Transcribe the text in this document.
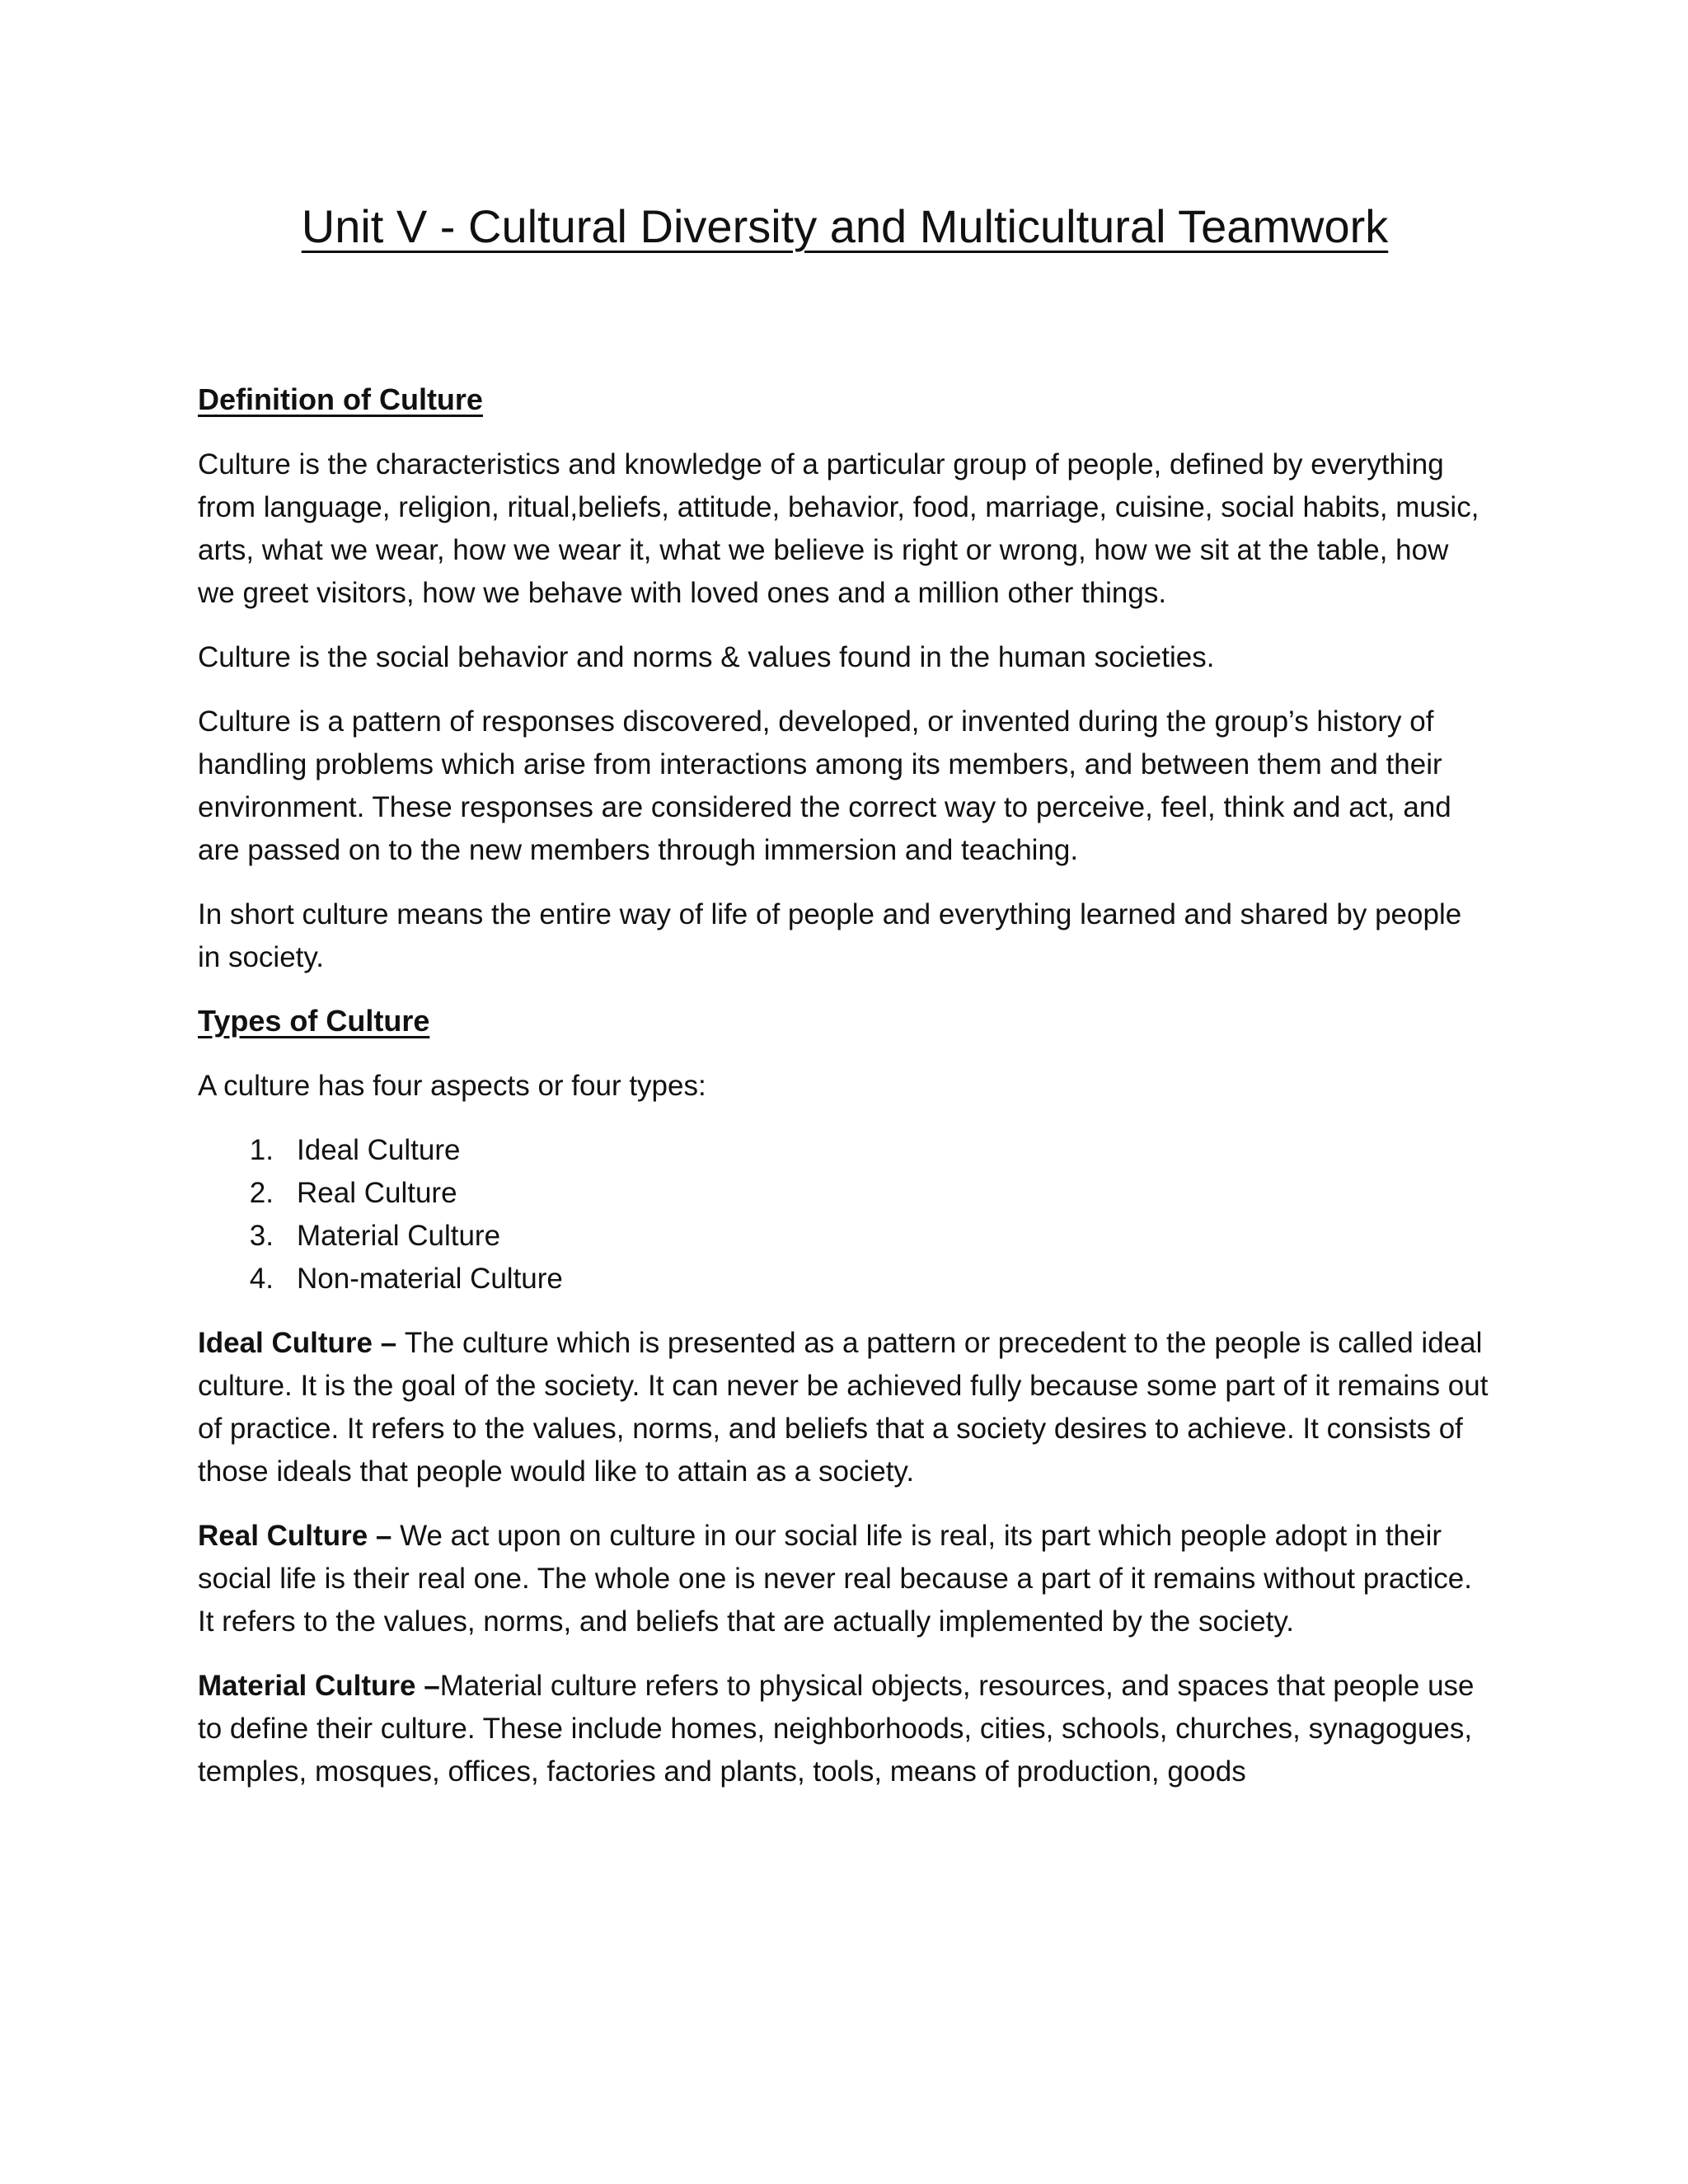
Unit V - Cultural Diversity and Multicultural Teamwork
Definition of Culture

Culture is the characteristics and knowledge of a particular group of people, defined by everything from language, religion, ritual,beliefs, attitude, behavior, food, marriage, cuisine, social habits, music, arts, what we wear, how we wear it, what we believe is right or wrong, how we sit at the table, how we greet visitors, how we behave with loved ones and a million other things.

Culture is the social behavior and norms & values found in the human societies.

Culture is a pattern of responses discovered, developed, or invented during the group’s history of handling problems which arise from interactions among its members, and between them and their environment. These responses are considered the correct way to perceive, feel, think and act, and are passed on to the new members through immersion and teaching.

In short culture means the entire way of life of people and everything learned and shared by people in society.

Types of Culture

A culture has four aspects or four types:

1. Ideal Culture
2. Real Culture
3. Material Culture
4. Non-material Culture

Ideal Culture – The culture which is presented as a pattern or precedent to the people is called ideal culture. It is the goal of the society. It can never be achieved fully because some part of it remains out of practice. It refers to the values, norms, and beliefs that a society desires to achieve. It consists of those ideals that people would like to attain as a society.

Real Culture – We act upon on culture in our social life is real, its part which people adopt in their social life is their real one. The whole one is never real because a part of it remains without practice. It refers to the values, norms, and beliefs that are actually implemented by the society.

Material Culture –Material culture refers to physical objects, resources, and spaces that people use to define their culture. These include homes, neighborhoods, cities, schools, churches, synagogues, temples, mosques, offices, factories and plants, tools, means of production, goods
